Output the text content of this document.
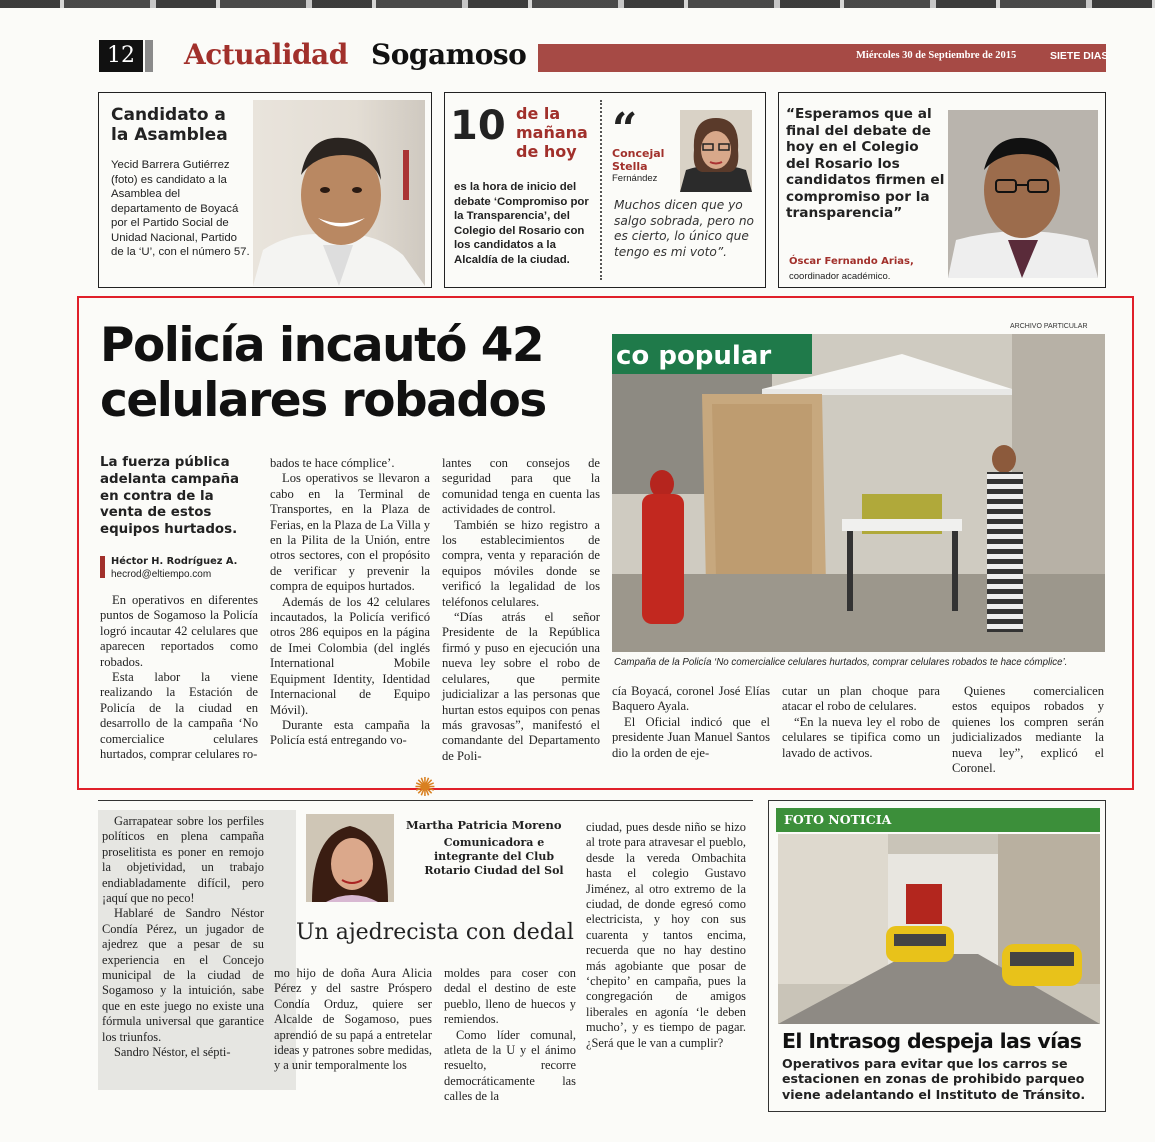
12 Actualidad Sogamoso	Miércoles 30 de Septiembre de 2015	SIETE DIAS
Candidato a la Asamblea
Yecid Barrera Gutiérrez (foto) es candidato a la Asamblea del departamento de Boyacá por el Partido Social de Unidad Nacional, Partido de la ‘U’, con el número 57.
10 de la mañana de hoy
es la hora de inicio del debate ‘Compromiso por la Transparencia’, del Colegio del Rosario con los candidatos a la Alcaldía de la ciudad.
“
Concejal
Stella
Fernández
Muchos dicen que yo salgo sobrada, pero no es cierto, lo único que tengo es mi voto”.
“Esperamos que al final del debate de hoy en el Colegio del Rosario los candidatos firmen el compromiso por la transparencia”
Óscar Fernando Arias,
coordinador académico.
Policía incautó 42 celulares robados
La fuerza pública adelanta campaña en contra de la venta de estos equipos hurtados.
Héctor H. Rodríguez A.
hecrod@eltiempo.com

En operativos en diferentes puntos de Sogamoso la Policía logró incautar 42 celulares que aparecen reportados como robados.

Esta labor la viene realizando la Estación de Policía de la ciudad en desarrollo de la campaña ‘No comercialice celulares hurtados, comprar celulares ro-

bados te hace cómplice’.

Los operativos se llevaron a cabo en la Terminal de Transportes, en la Plaza de Ferias, en la Plaza de La Villa y en la Pilita de la Unión, entre otros sectores, con el propósito de verificar y prevenir la compra de equipos hurtados.

Además de los 42 celulares incautados, la Policía verificó otros 286 equipos en la página de Imei Colombia (del inglés International Mobile Equipment Identity, Identidad Internacional de Equipo Móvil).

Durante esta campaña la Policía está entregando vo-

lantes con consejos de seguridad para que la comunidad tenga en cuenta las actividades de control.

También se hizo registro a los establecimientos de compra, venta y reparación de equipos móviles donde se verificó la legalidad de los teléfonos celulares.

“Días atrás el señor Presidente de la República firmó y puso en ejecución una nueva ley sobre el robo de celulares, que permite judicializar a las personas que hurtan estos equipos con penas más gravosas”, manifestó el comandante del Departamento de Poli-

ARCHIVO PARTICULAR
co popular
Campaña de la Policía ‘No comercialice celulares hurtados, comprar celulares robados te hace cómplice’.

cía Boyacá, coronel José Elías Baquero Ayala.

El Oficial indicó que el presidente Juan Manuel Santos dio la orden de eje-

cutar un plan choque para atacar el robo de celulares.

“En la nueva ley el robo de celulares se tipifica como un lavado de activos.

Quienes comercialicen estos equipos robados y quienes los compren serán judicializados mediante la nueva ley”, explicó el Coronel.

✺
Martha Patricia Moreno
Comunicadora e integrante del Club Rotario Ciudad del Sol
Un ajedrecista con dedal

Garrapatear sobre los perfiles políticos en plena campaña proselitista es poner en remojo la objetividad, un trabajo endiabladamente difícil, pero ¡aquí que no peco!

Hablaré de Sandro Néstor Condía Pérez, un jugador de ajedrez que a pesar de su experiencia en el Concejo municipal de la ciudad de Sogamoso y la intuición, sabe que en este juego no existe una fórmula universal que garantice los triunfos.

Sandro Néstor, el sépti-

mo hijo de doña Aura Alicia Pérez y del sastre Próspero Condía Orduz, quiere ser Alcalde de Sogamoso, pues aprendió de su papá a entretelar ideas y patrones sobre medidas, y a unir temporalmente los

moldes para coser con dedal el destino de este pueblo, lleno de huecos y remiendos.

Como líder comunal, atleta de la U y el ánimo resuelto, recorre democráticamente las calles de la

ciudad, pues desde niño se hizo al trote para atravesar el pueblo, desde la vereda Ombachita hasta el colegio Gustavo Jiménez, al otro extremo de la ciudad, de donde egresó como electricista, y hoy con sus cuarenta y tantos encima, recuerda que no hay destino más agobiante que posar de ‘chepito’ en campaña, pues la congregación de amigos liberales en agonía ‘le deben mucho’, y es tiempo de pagar. ¿Será que le van a cumplir?

FOTO NOTICIA
El Intrasog despeja las vías
Operativos para evitar que los carros se estacionen en zonas de prohibido parqueo viene adelantando el Instituto de Tránsito.
